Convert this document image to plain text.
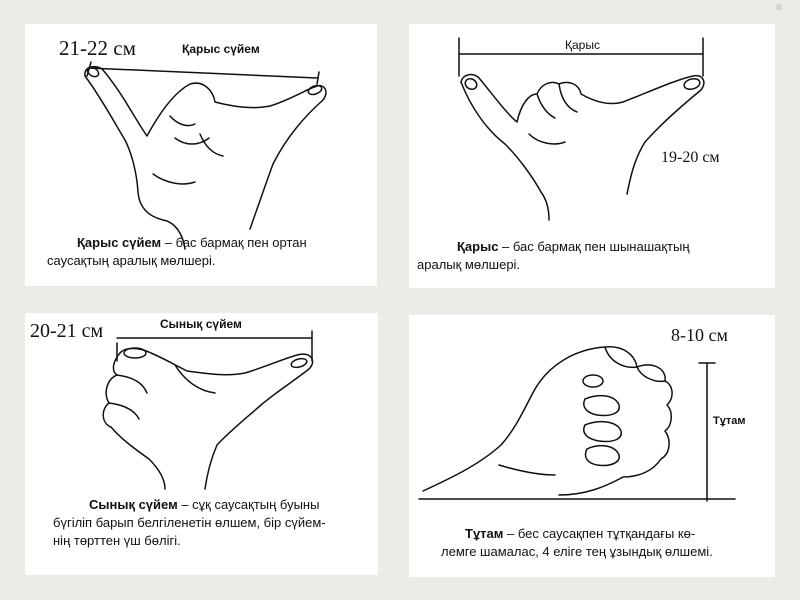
21-22 см	Қарыс сүйем
Қарыс сүйем – бас бармақ пен ортан
саусақтың аралық мөлшері.
Қарыс
19-20 см
Қарыс – бас бармақ пен шынашақтың
аралық мөлшері.
20-21 см	Сынық сүйем
Сынық сүйем – сұқ саусақтың буыны
бүгіліп барып белгіленетін өлшем, бір сүйем-
нің төрттен үш бөлігі.
8-10 см
Тұтам
Тұтам – бес саусақпен тұтқандағы кө-
лемге шамалас, 4 еліге тең ұзындық өлшемі.
